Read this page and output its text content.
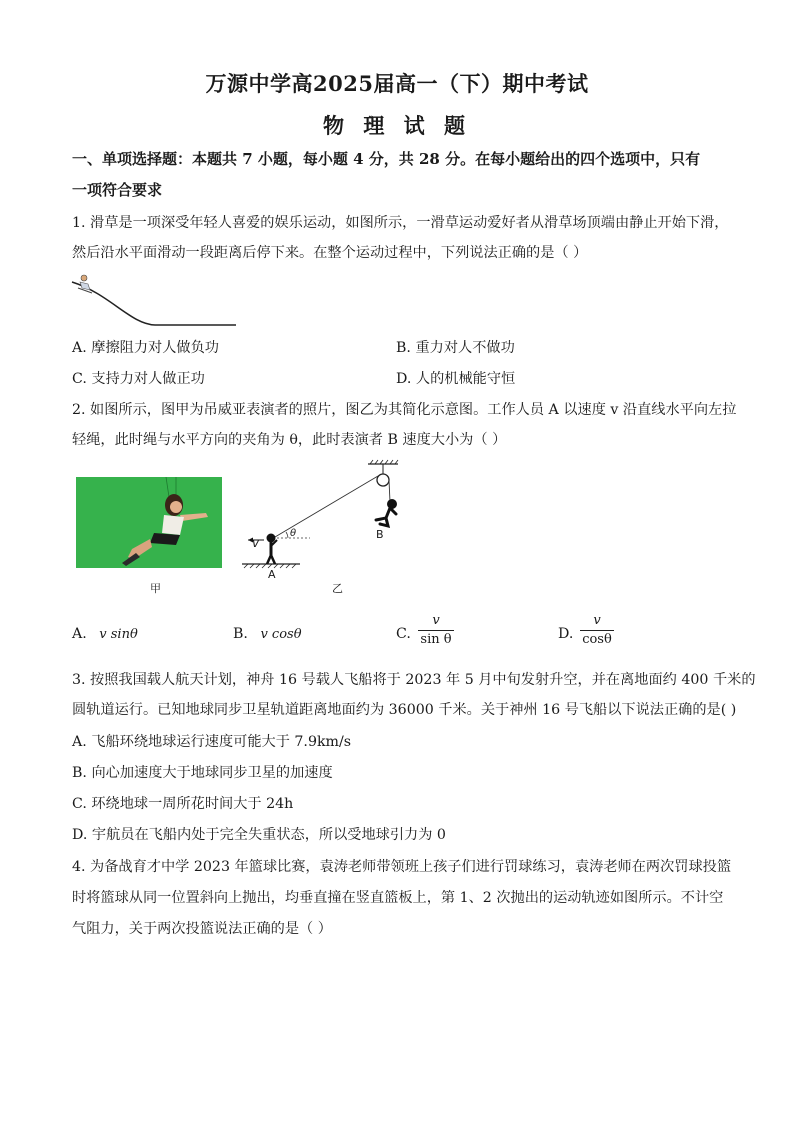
万源中学高2025届高一（下）期中考试
物 理 试 题
一、单项选择题：本题共 7 小题，每小题 4 分，共 28 分。在每小题给出的四个选项中，只有
一项符合要求
1. 滑草是一项深受年轻人喜爱的娱乐运动，如图所示，一滑草运动爱好者从滑草场顶端由静止开始下滑，
然后沿水平面滑动一段距离后停下来。在整个运动过程中，下列说法正确的是（ ）
A. 摩擦阻力对人做负功	B. 重力对人不做功
C. 支持力对人做正功	D. 人的机械能守恒
2. 如图所示，图甲为吊威亚表演者的照片，图乙为其简化示意图。工作人员 A 以速度 v 沿直线水平向左拉
轻绳，此时绳与水平方向的夹角为 θ，此时表演者 B 速度大小为（ ）
甲
v
θ
A
B
乙
A. v sinθ	B. v cosθ	C.
v
sin θ	D.
v
cosθ
3. 按照我国载人航天计划，神舟 16 号载人飞船将于 2023 年 5 月中旬发射升空，并在离地面约 400 千米的
圆轨道运行。已知地球同步卫星轨道距离地面约为 36000 千米。关于神州 16 号飞船以下说法正确的是( )
A. 飞船环绕地球运行速度可能大于 7.9km/s
B. 向心加速度大于地球同步卫星的加速度
C. 环绕地球一周所花时间大于 24h
D. 宇航员在飞船内处于完全失重状态，所以受地球引力为 0
4. 为备战育才中学 2023 年篮球比赛，袁涛老师带领班上孩子们进行罚球练习，袁涛老师在两次罚球投篮
时将篮球从同一位置斜向上抛出，均垂直撞在竖直篮板上，第 1、2 次抛出的运动轨迹如图所示。不计空
气阻力，关于两次投篮说法正确的是（ ）
